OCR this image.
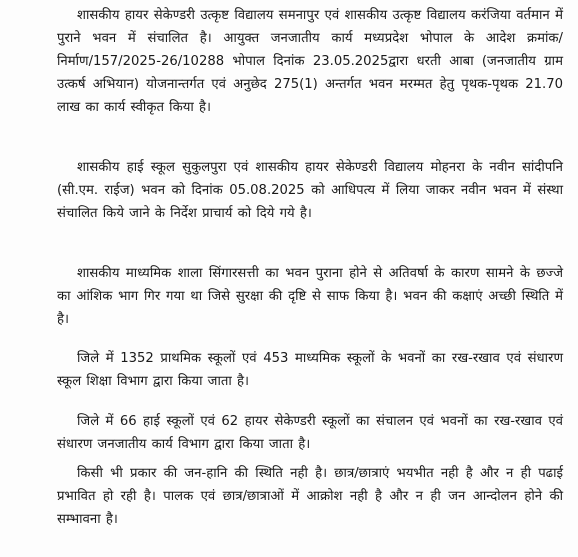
शासकीय हायर सेकेण्डरी उत्कृष्ट विद्यालय समनापुर एवं शासकीय उत्कृष्ट विद्यालय करंजिया वर्तमान में पुराने भवन में संचालित है। आयुक्त जनजातीय कार्य मध्यप्रदेश भोपाल के आदेश क्रमांक/निर्माण/157/2025-26/10288 भोपाल दिनांक 23.05.2025द्वारा धरती आबा (जनजातीय ग्राम उत्कर्ष अभियान) योजनान्तर्गत एवं अनुछेद 275(1) अन्तर्गत भवन मरम्मत हेतु पृथक-पृथक 21.70 लाख का कार्य स्वीकृत किया है।

शासकीय हाई स्कूल सुकुलपुरा एवं शासकीय हायर सेकेण्डरी विद्यालय मोहनरा के नवीन सांदीपनि (सी.एम. राईज) भवन को दिनांक 05.08.2025 को आधिपत्य में लिया जाकर नवीन भवन में संस्था संचालित किये जाने के निर्देश प्राचार्य को दिये गये है।

शासकीय माध्यमिक शाला सिंगारसत्ती का भवन पुराना होने से अतिवर्षा के कारण सामने के छज्जे का आंशिक भाग गिर गया था जिसे सुरक्षा की दृष्टि से साफ किया है। भवन की कक्षाएं अच्छी स्थिति में है।

जिले में 1352 प्राथमिक स्कूलों एवं 453 माध्यमिक स्कूलों के भवनों का रख-रखाव एवं संधारण स्कूल शिक्षा विभाग द्वारा किया जाता है।

जिले में 66 हाई स्कूलों एवं 62 हायर सेकेण्डरी स्कूलों का संचालन एवं भवनों का रख-रखाव एवं संधारण जनजातीय कार्य विभाग द्वारा किया जाता है।

किसी भी प्रकार की जन-हानि की स्थिति नही है। छात्र/छात्राएं भयभीत नही है और न ही पढाई प्रभावित हो रही है। पालक एवं छात्र/छात्राओं में आक्रोश नही है और न ही जन आन्दोलन होने की सम्भावना है।
